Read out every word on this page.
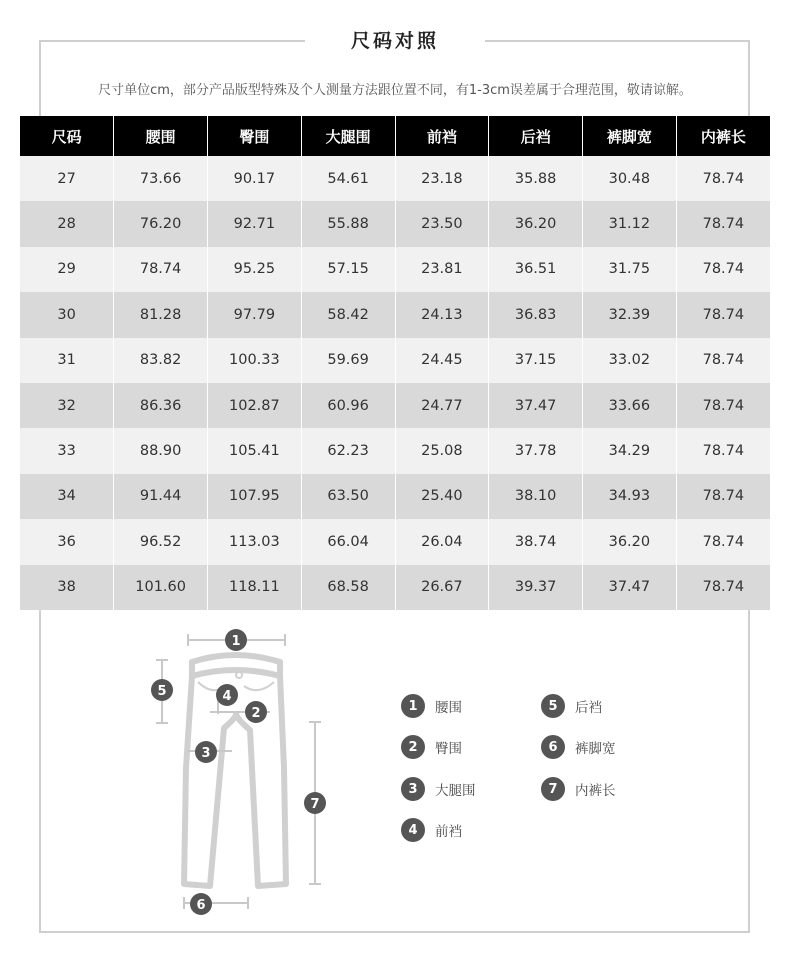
尺码对照
尺寸单位cm，部分产品版型特殊及个人测量方法跟位置不同，有1-3cm误差属于合理范围，敬请谅解。
尺码	腰围	臀围	大腿围	前裆	后裆	裤脚宽	内裤长
27	73.66	90.17	54.61	23.18	35.88	30.48	78.74
28	76.20	92.71	55.88	23.50	36.20	31.12	78.74
29	78.74	95.25	57.15	23.81	36.51	31.75	78.74
30	81.28	97.79	58.42	24.13	36.83	32.39	78.74
31	83.82	100.33	59.69	24.45	37.15	33.02	78.74
32	86.36	102.87	60.96	24.77	37.47	33.66	78.74
33	88.90	105.41	62.23	25.08	37.78	34.29	78.74
34	91.44	107.95	63.50	25.40	38.10	34.93	78.74
36	96.52	113.03	66.04	26.04	38.74	36.20	78.74
38	101.60	118.11	68.58	26.67	39.37	37.47	78.74
1
2
3
4
5
6
7
1	腰围
2	臀围
3	大腿围
4	前裆
5	后裆
6	裤脚宽
7	内裤长
